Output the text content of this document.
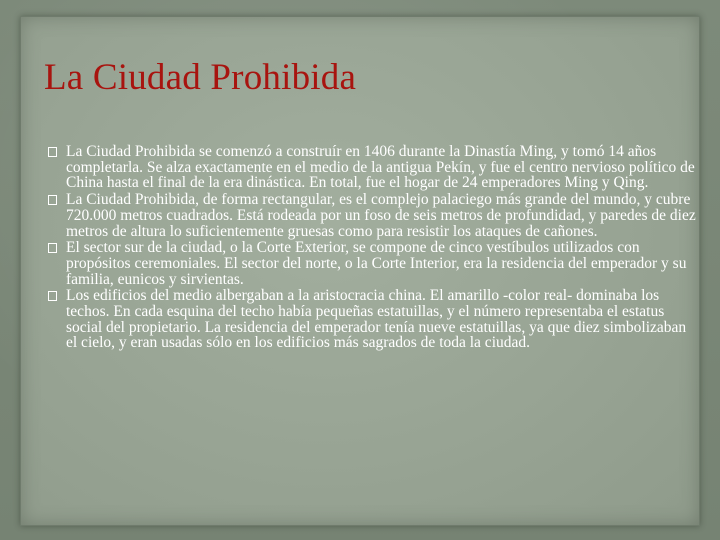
La Ciudad Prohibida
La Ciudad Prohibida se comenzó a construír en 1406 durante la Dinastía Ming, y tomó 14 años completarla. Se alza exactamente en el medio de la antigua Pekín, y fue el centro nervioso político de China hasta el final de la era dinástica. En total, fue el hogar de 24 emperadores Ming y Qing.
La Ciudad Prohibida, de forma rectangular, es el complejo palaciego más grande del mundo, y cubre 720.000 metros cuadrados. Está rodeada por un foso de seis metros de profundidad, y paredes de diez metros de altura lo suficientemente gruesas como para resistir los ataques de cañones.
El sector sur de la ciudad, o la Corte Exterior, se compone de cinco vestíbulos utilizados con propósitos ceremoniales. El sector del norte, o la Corte Interior, era la residencia del emperador y su familia, eunicos y sirvientas.
Los edificios del medio albergaban a la aristocracia china. El amarillo -color real- dominaba los techos. En cada esquina del techo había pequeñas estatuillas, y el número representaba el estatus social del propietario. La residencia del emperador tenía nueve estatuillas, ya que diez simbolizaban el cielo, y eran usadas sólo en los edificios más sagrados de toda la ciudad.
